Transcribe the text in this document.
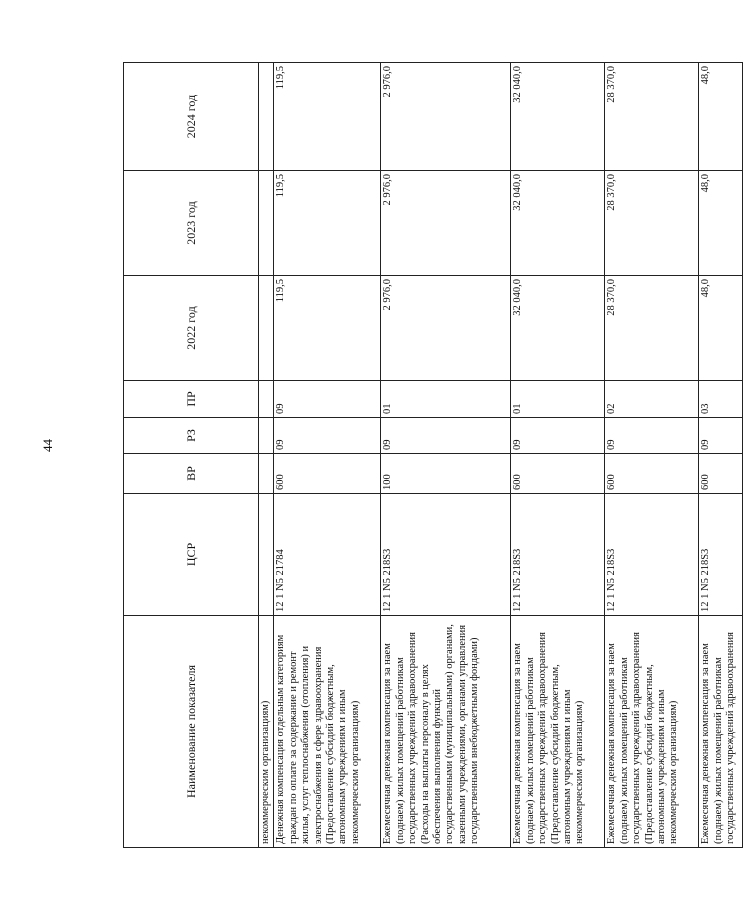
44
Наименование показателя	ЦСР	ВР	РЗ	ПР	2022 год	2023 год	2024 год
некоммерческим организациям)							
Денежная компенсация отдельным категориям граждан по оплате за содержание и ремонт жилья, услуг теплоснабжения (отопления) и электроснабжения в сфере здравоохранения (Предоставление субсидий бюджетным, автономным учреждениям и иным некоммерческим организациям)	12 1 N5 21784	600	09	09	119,5	119,5	119,5
Ежемесячная денежная компенсация за наем (поднаем) жилых помещений работникам государственных учреждений здравоохранения (Расходы на выплаты персоналу в целях обеспечения выполнения функций государственными (муниципальными) органами, казенными учреждениями, органами управления государственными внебюджетными фондами)	12 1 N5 218S3	100	09	01	2 976,0	2 976,0	2 976,0
Ежемесячная денежная компенсация за наем (поднаем) жилых помещений работникам государственных учреждений здравоохранения (Предоставление субсидий бюджетным, автономным учреждениям и иным некоммерческим организациям)	12 1 N5 218S3	600	09	01	32 040,0	32 040,0	32 040,0
Ежемесячная денежная компенсация за наем (поднаем) жилых помещений работникам государственных учреждений здравоохранения (Предоставление субсидий бюджетным, автономным учреждениям и иным некоммерческим организациям)	12 1 N5 218S3	600	09	02	28 370,0	28 370,0	28 370,0
Ежемесячная денежная компенсация за наем (поднаем) жилых помещений работникам государственных учреждений здравоохранения	12 1 N5 218S3	600	09	03	48,0	48,0	48,0
